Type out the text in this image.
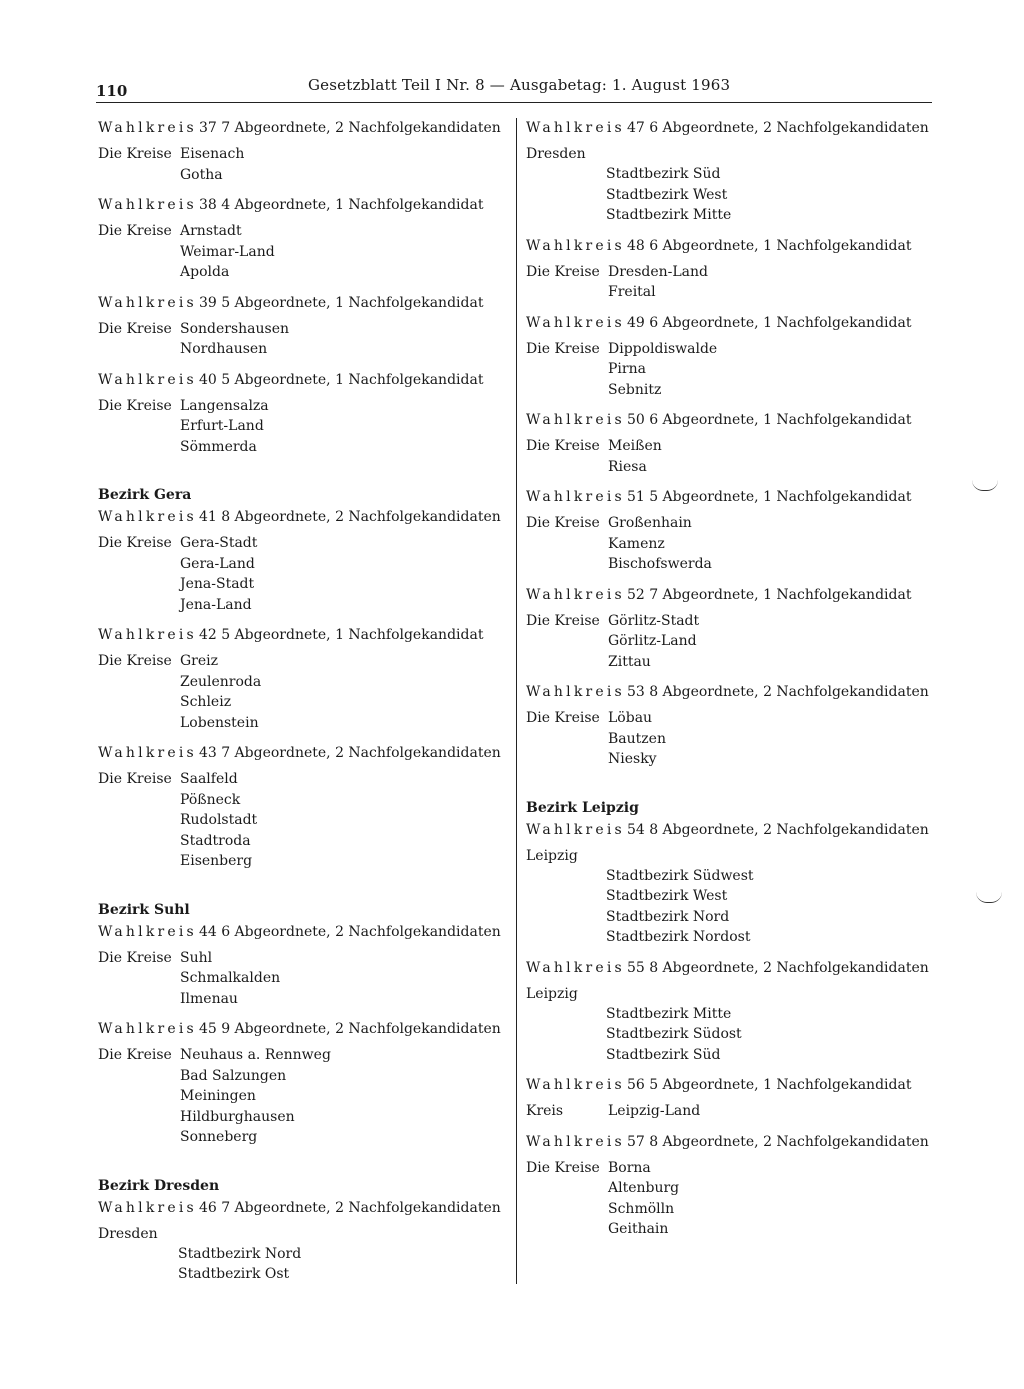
110	Gesetzblatt Teil I Nr. 8 — Ausgabetag: 1. August 1963
Wahlkreis 37 7 Abgeordnete, 2 Nachfolgekandidaten
Die Kreise Eisenach
Gotha
Wahlkreis 38 4 Abgeordnete, 1 Nachfolgekandidat
Die Kreise Arnstadt
Weimar-Land
Apolda
Wahlkreis 39 5 Abgeordnete, 1 Nachfolgekandidat
Die Kreise Sondershausen
Nordhausen
Wahlkreis 40 5 Abgeordnete, 1 Nachfolgekandidat
Die Kreise Langensalza
Erfurt-Land
Sömmerda
Bezirk Gera
Wahlkreis 41 8 Abgeordnete, 2 Nachfolgekandidaten
Die Kreise Gera-Stadt
Gera-Land
Jena-Stadt
Jena-Land
Wahlkreis 42 5 Abgeordnete, 1 Nachfolgekandidat
Die Kreise Greiz
Zeulenroda
Schleiz
Lobenstein
Wahlkreis 43 7 Abgeordnete, 2 Nachfolgekandidaten
Die Kreise Saalfeld
Pößneck
Rudolstadt
Stadtroda
Eisenberg
Bezirk Suhl
Wahlkreis 44 6 Abgeordnete, 2 Nachfolgekandidaten
Die Kreise Suhl
Schmalkalden
Ilmenau
Wahlkreis 45 9 Abgeordnete, 2 Nachfolgekandidaten
Die Kreise Neuhaus a. Rennweg
Bad Salzungen
Meiningen
Hildburghausen
Sonneberg
Bezirk Dresden
Wahlkreis 46 7 Abgeordnete, 2 Nachfolgekandidaten
Dresden
Stadtbezirk Nord
Stadtbezirk Ost
Wahlkreis 47 6 Abgeordnete, 2 Nachfolgekandidaten
Dresden
Stadtbezirk Süd
Stadtbezirk West
Stadtbezirk Mitte
Wahlkreis 48 6 Abgeordnete, 1 Nachfolgekandidat
Die Kreise Dresden-Land
Freital
Wahlkreis 49 6 Abgeordnete, 1 Nachfolgekandidat
Die Kreise Dippoldiswalde
Pirna
Sebnitz
Wahlkreis 50 6 Abgeordnete, 1 Nachfolgekandidat
Die Kreise Meißen
Riesa
Wahlkreis 51 5 Abgeordnete, 1 Nachfolgekandidat
Die Kreise Großenhain
Kamenz
Bischofswerda
Wahlkreis 52 7 Abgeordnete, 1 Nachfolgekandidat
Die Kreise Görlitz-Stadt
Görlitz-Land
Zittau
Wahlkreis 53 8 Abgeordnete, 2 Nachfolgekandidaten
Die Kreise Löbau
Bautzen
Niesky
Bezirk Leipzig
Wahlkreis 54 8 Abgeordnete, 2 Nachfolgekandidaten
Leipzig
Stadtbezirk Südwest
Stadtbezirk West
Stadtbezirk Nord
Stadtbezirk Nordost
Wahlkreis 55 8 Abgeordnete, 2 Nachfolgekandidaten
Leipzig
Stadtbezirk Mitte
Stadtbezirk Südost
Stadtbezirk Süd
Wahlkreis 56 5 Abgeordnete, 1 Nachfolgekandidat
Kreis	Leipzig-Land
Wahlkreis 57 8 Abgeordnete, 2 Nachfolgekandidaten
Die Kreise Borna
Altenburg
Schmölln
Geithain
